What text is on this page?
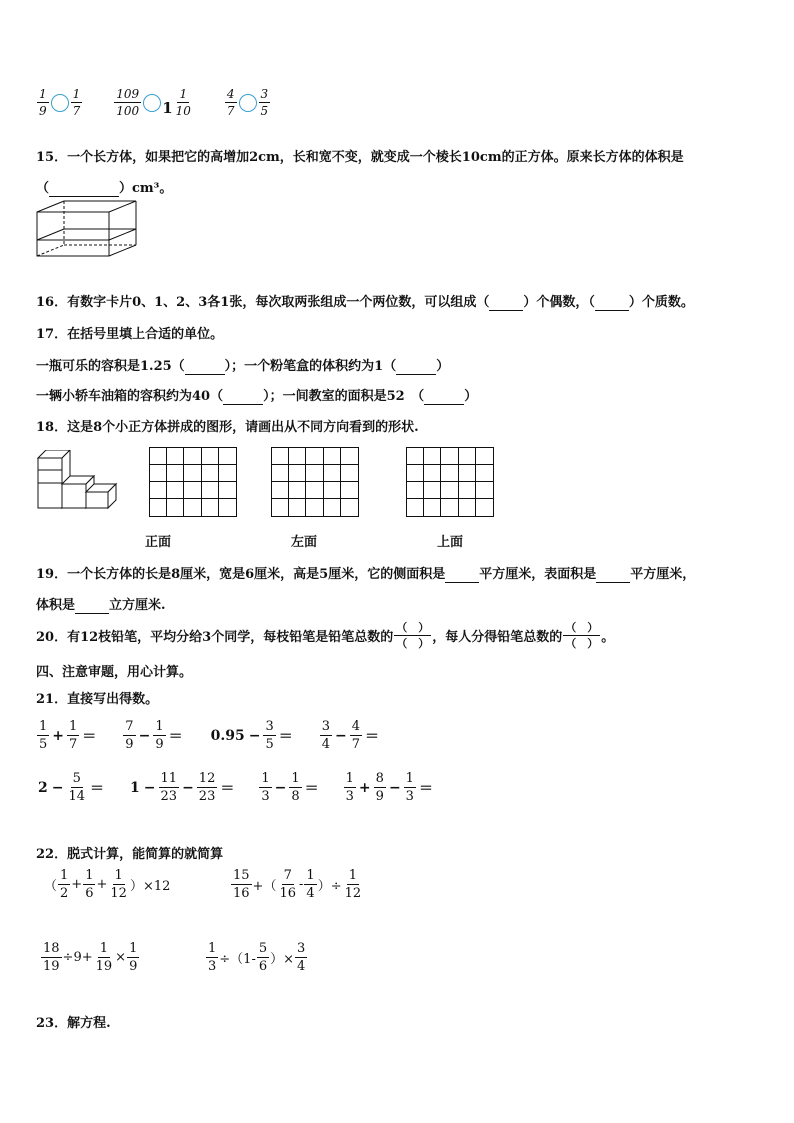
$\frac{1}{9} \frac{1}{7}$	$\frac{109}{100} 1 \frac{1}{10}$	$\frac{4}{7} \frac{3}{5}$
15．一个长方体，如果把它的高增加2cm，长和宽不变，就变成一个棱长10cm的正方体。原来长方体的体积是
（	）cm³。
16．有数字卡片0、1、2、3各1张，每次取两张组成一个两位数，可以组成（	）个偶数，（	）个质数。
17．在括号里填上合适的单位。
一瓶可乐的容积是1.25（	）；一个粉笔盒的体积约为1（	）
一辆小轿车油箱的容积约为40（	）；一间教室的面积是52　（	）
18．这是8个小正方体拼成的图形，请画出从不同方向看到的形状.
正面	左面	上面
19．一个长方体的长是8厘米，宽是6厘米，高是5厘米，它的侧面积是	平方厘米，表面积是	平方厘米，
体积是	立方厘米.
20．有12枝铅笔，平均分给3个同学，每枝铅笔是铅笔总数的 $\frac{( )}{( )}$ ，每人分得铅笔总数的 $\frac{( )}{( )}$ 。
四、注意审题，用心计算。
21．直接写出得数。
$\frac{1}{5} + \frac{1}{7} = \frac{7}{9} - \frac{1}{9} = 0.95 - \frac{3}{5} = \frac{3}{4} - \frac{4}{7}$ ＝
$2 - \frac{5}{14} = 1 - \frac{11}{23} - \frac{12}{23} = \frac{1}{3} - \frac{1}{8} = \frac{1}{3} + \frac{8}{9} - \frac{1}{3}$ ＝
22．脱式计算，能简算的就简算
（ $\frac{1}{2} + \frac{1}{6} + \frac{1}{12} )\times 12$	$\frac{15}{16}$ +（ $\frac{7}{16} - \frac{1}{4}$ ）÷ $\frac{1}{12}$
$\frac{18}{19} \div 9+ \frac{1}{19} \times \frac{1}{9}$	$\frac{1}{3} \div(1- \frac{5}{6}$ ）× $\frac{3}{4}$
23．解方程.
